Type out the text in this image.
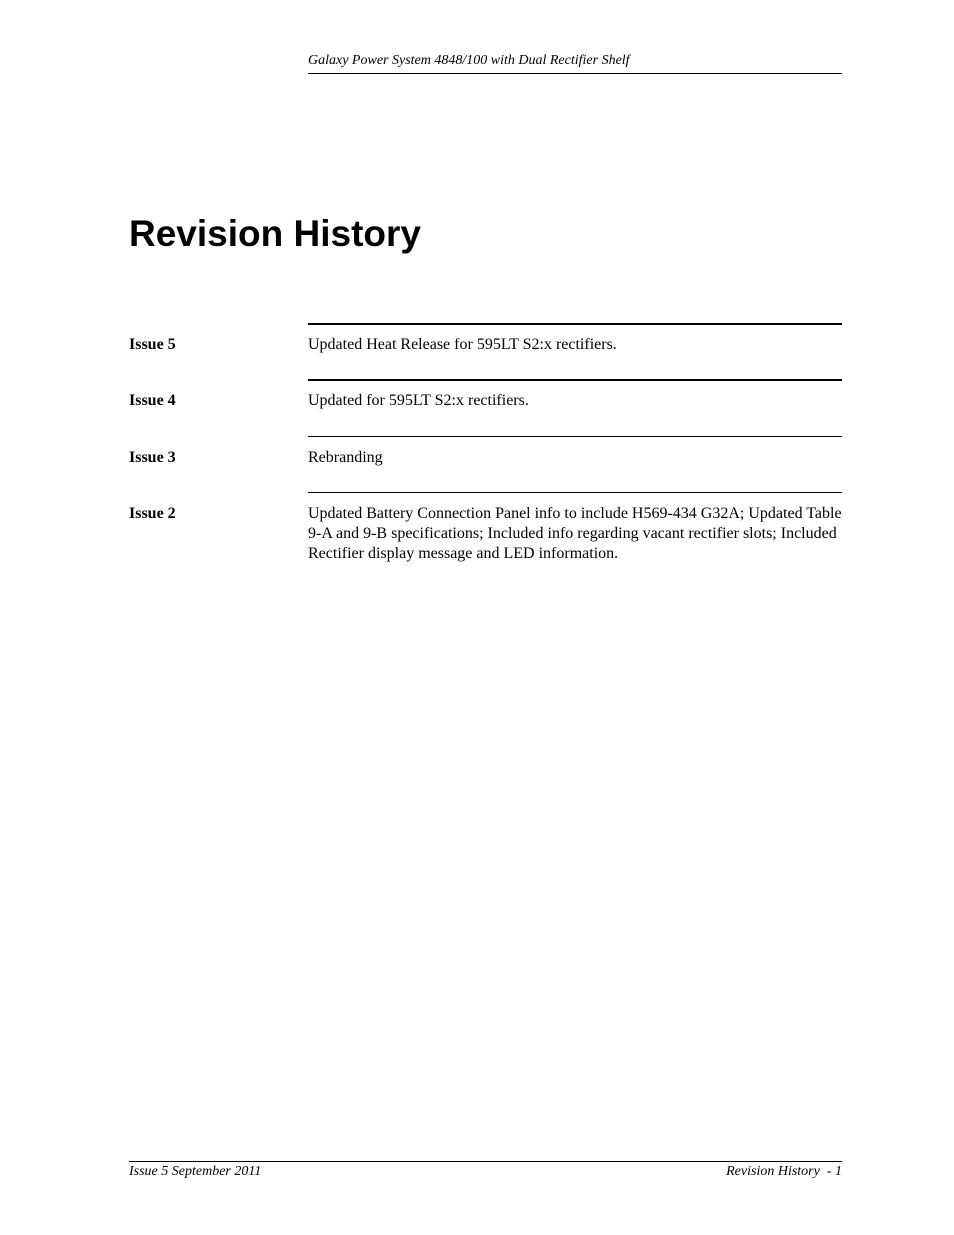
Galaxy Power System 4848/100 with Dual Rectifier Shelf
Revision History
Issue 5	Updated Heat Release for 595LT S2:x rectifiers.
Issue 4	Updated for 595LT S2:x rectifiers.
Issue 3	Rebranding
Issue 2	Updated Battery Connection Panel info to include H569-434 G32A; Updated Table 9-A and 9-B specifications; Included info regarding vacant rectifier slots; Included Rectifier display message and LED information.
Issue 5 September 2011	Revision History  - 1
